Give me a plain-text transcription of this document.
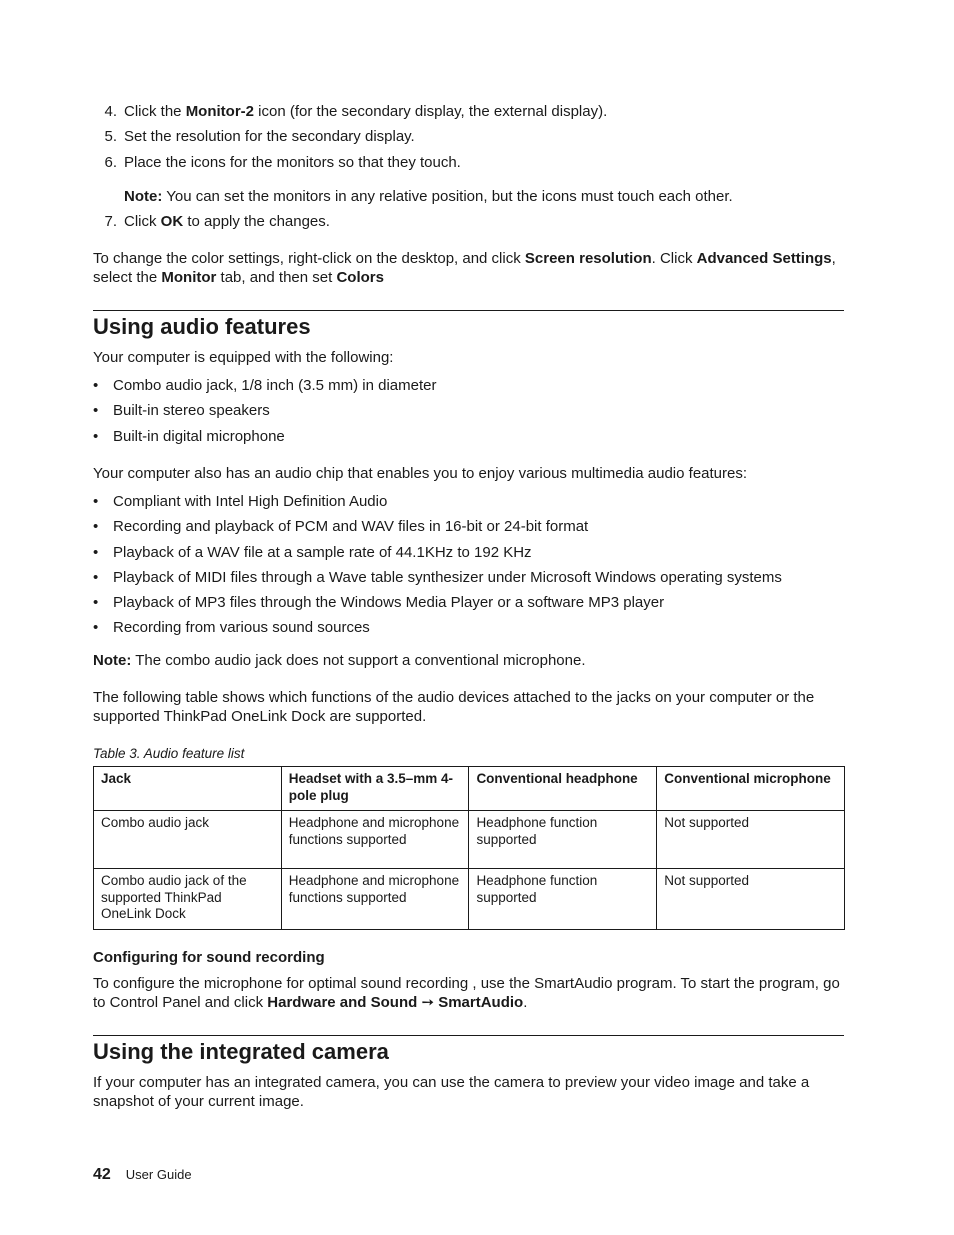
4. Click the Monitor-2 icon (for the secondary display, the external display).
5. Set the resolution for the secondary display.
6. Place the icons for the monitors so that they touch.
Note: You can set the monitors in any relative position, but the icons must touch each other.
7. Click OK to apply the changes.
To change the color settings, right-click on the desktop, and click Screen resolution. Click Advanced Settings, select the Monitor tab, and then set Colors
Using audio features
Your computer is equipped with the following:
• Combo audio jack, 1/8 inch (3.5 mm) in diameter
• Built-in stereo speakers
• Built-in digital microphone
Your computer also has an audio chip that enables you to enjoy various multimedia audio features:
• Compliant with Intel High Definition Audio
• Recording and playback of PCM and WAV files in 16-bit or 24-bit format
• Playback of a WAV file at a sample rate of 44.1KHz to 192 KHz
• Playback of MIDI files through a Wave table synthesizer under Microsoft Windows operating systems
• Playback of MP3 files through the Windows Media Player or a software MP3 player
• Recording from various sound sources
Note: The combo audio jack does not support a conventional microphone.
The following table shows which functions of the audio devices attached to the jacks on your computer or the supported ThinkPad OneLink Dock are supported.
Table 3. Audio feature list
Jack	Headset with a 3.5–mm 4-pole plug	Conventional headphone	Conventional microphone
Combo audio jack	Headphone and microphone functions supported	Headphone function supported	Not supported
Combo audio jack of the supported ThinkPad OneLink Dock	Headphone and microphone functions supported	Headphone function supported	Not supported
Configuring for sound recording
To configure the microphone for optimal sound recording , use the SmartAudio program. To start the program, go to Control Panel and click Hardware and Sound ➙ SmartAudio.
Using the integrated camera
If your computer has an integrated camera, you can use the camera to preview your video image and take a snapshot of your current image.
42 User Guide
